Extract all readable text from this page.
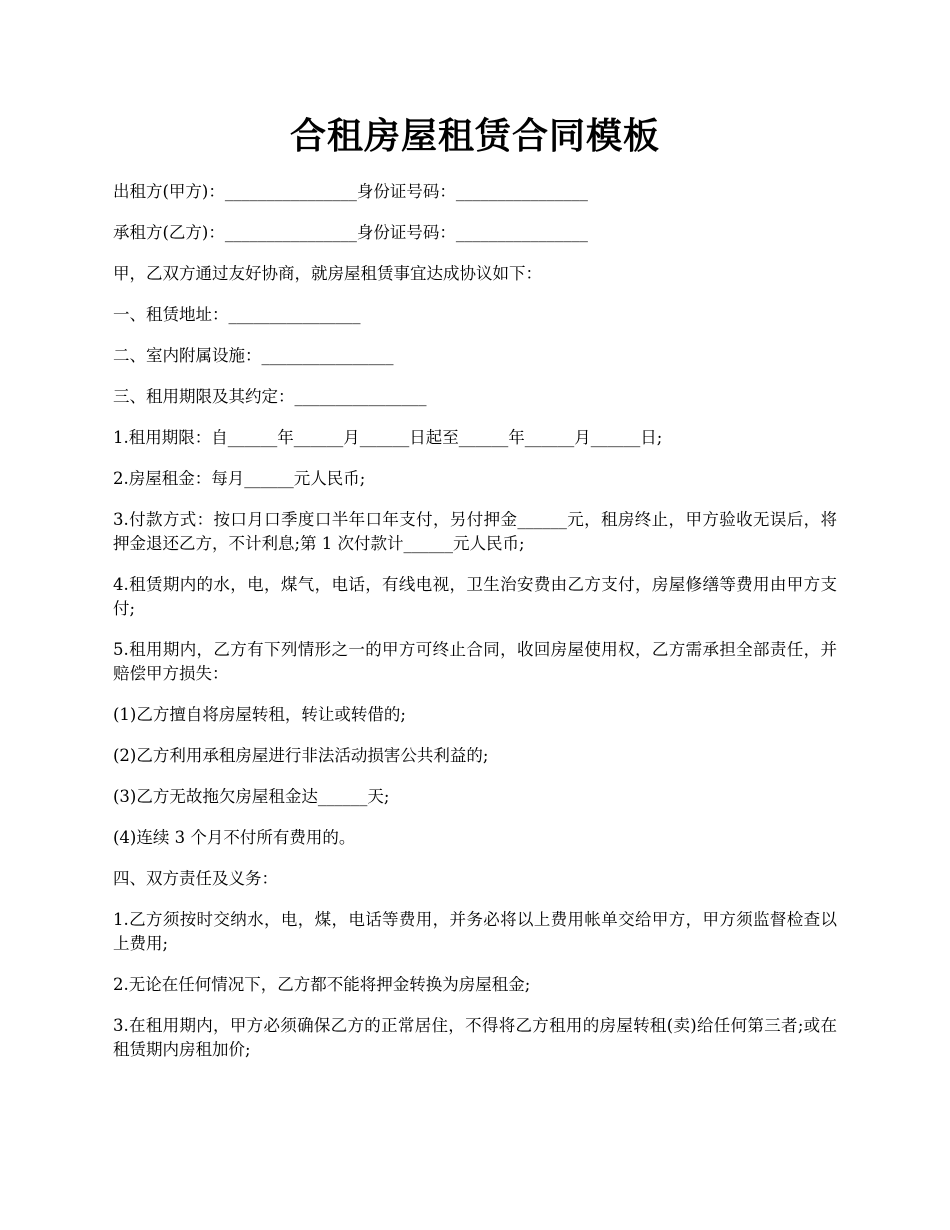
合租房屋租赁合同模板

出租方(甲方)：________________身份证号码：________________

承租方(乙方)：________________身份证号码：________________

甲，乙双方通过友好协商，就房屋租赁事宜达成协议如下：

一、租赁地址：________________

二、室内附属设施：________________

三、租用期限及其约定：________________

1.租用期限：自______年______月______日起至______年______月______日;

2.房屋租金：每月______元人民币;

3.付款方式：按口月口季度口半年口年支付，另付押金______元，租房终止，甲方验收无误后，将押金退还乙方，不计利息;第 1 次付款计______元人民币;

4.租赁期内的水，电，煤气，电话，有线电视，卫生治安费由乙方支付，房屋修缮等费用由甲方支付;

5.租用期内，乙方有下列情形之一的甲方可终止合同，收回房屋使用权，乙方需承担全部责任，并赔偿甲方损失：

(1)乙方擅自将房屋转租，转让或转借的;

(2)乙方利用承租房屋进行非法活动损害公共利益的;

(3)乙方无故拖欠房屋租金达______天;

(4)连续 3 个月不付所有费用的。

四、双方责任及义务：

1.乙方须按时交纳水，电，煤，电话等费用，并务必将以上费用帐单交给甲方，甲方须监督检查以上费用;

2.无论在任何情况下，乙方都不能将押金转换为房屋租金;

3.在租用期内，甲方必须确保乙方的正常居住，不得将乙方租用的房屋转租(卖)给任何第三者;或在租赁期内房租加价;
